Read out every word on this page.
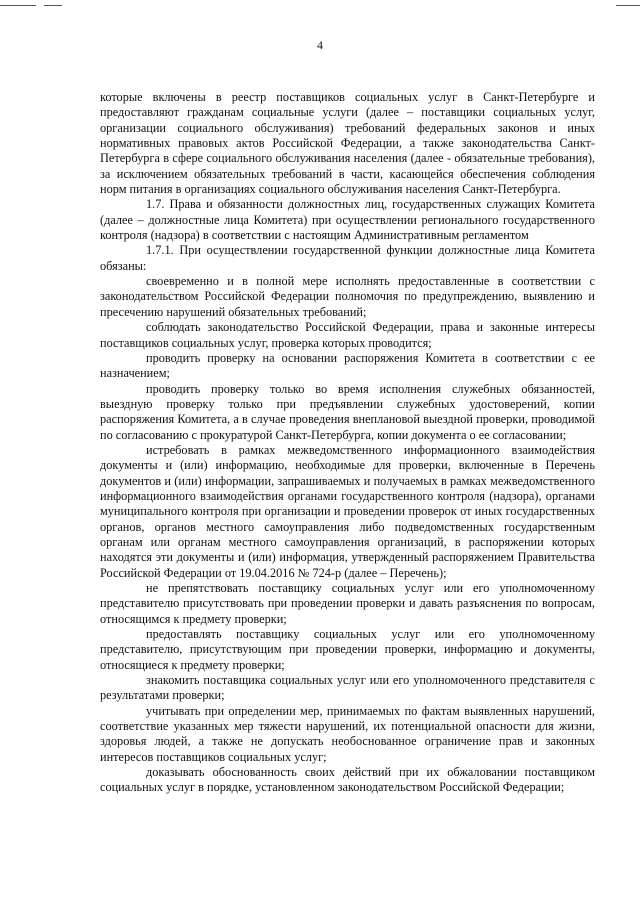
4

которые включены в реестр поставщиков социальных услуг в Санкт-Петербурге и предоставляют гражданам социальные услуги (далее – поставщики социальных услуг, организации социального обслуживания) требований федеральных законов и иных нормативных правовых актов Российской Федерации, а также законодательства Санкт-Петербурга в сфере социального обслуживания населения (далее - обязательные требования), за исключением обязательных требований в части, касающейся обеспечения соблюдения норм питания в организациях социального обслуживания населения Санкт-Петербурга.

1.7. Права и обязанности должностных лиц, государственных служащих Комитета (далее – должностные лица Комитета) при осуществлении регионального государственного контроля (надзора) в соответствии с настоящим Административным регламентом

1.7.1. При осуществлении государственной функции должностные лица Комитета обязаны:

своевременно и в полной мере исполнять предоставленные в соответствии с законодательством Российской Федерации полномочия по предупреждению, выявлению и пресечению нарушений обязательных требований;

соблюдать законодательство Российской Федерации, права и законные интересы поставщиков социальных услуг, проверка которых проводится;

проводить проверку на основании распоряжения Комитета в соответствии с ее назначением;

проводить проверку только во время исполнения служебных обязанностей, выездную проверку только при предъявлении служебных удостоверений, копии распоряжения Комитета, а в случае проведения внеплановой выездной проверки, проводимой по согласованию с прокуратурой Санкт-Петербурга, копии документа о ее согласовании;

истребовать в рамках межведомственного информационного взаимодействия документы и (или) информацию, необходимые для проверки, включенные в Перечень документов и (или) информации, запрашиваемых и получаемых в рамках межведомственного информационного взаимодействия органами государственного контроля (надзора), органами муниципального контроля при организации и проведении проверок от иных государственных органов, органов местного самоуправления либо подведомственных государственным органам или органам местного самоуправления организаций, в распоряжении которых находятся эти документы и (или) информация, утвержденный распоряжением Правительства Российской Федерации от 19.04.2016 № 724-р (далее – Перечень);

не препятствовать поставщику социальных услуг или его уполномоченному представителю присутствовать при проведении проверки и давать разъяснения по вопросам, относящимся к предмету проверки;

предоставлять поставщику социальных услуг или его уполномоченному представителю, присутствующим при проведении проверки, информацию и документы, относящиеся к предмету проверки;

знакомить поставщика социальных услуг или его уполномоченного представителя с результатами проверки;

учитывать при определении мер, принимаемых по фактам выявленных нарушений, соответствие указанных мер тяжести нарушений, их потенциальной опасности для жизни, здоровья людей, а также не допускать необоснованное ограничение прав и законных интересов поставщиков социальных услуг;

доказывать обоснованность своих действий при их обжаловании поставщиком социальных услуг в порядке, установленном законодательством Российской Федерации;
